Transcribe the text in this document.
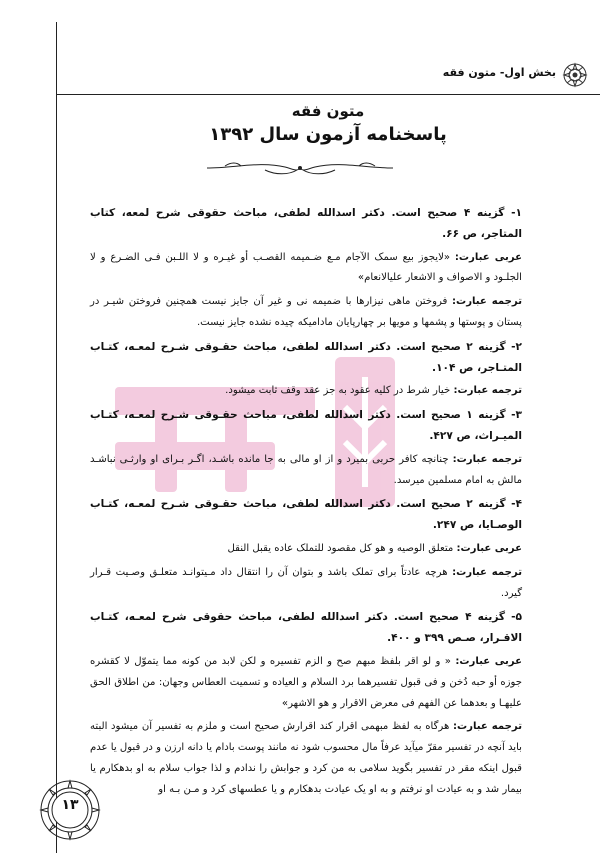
بخش اول- متون فقه
متون فقه
پاسخنامه آزمون سال ۱۳۹۲

۱- گزینه ۴ صحیح است. دکتر اسدالله لطفی، مباحث حقوقی شرح لمعه، کتاب المتاجر، ص ۶۶.

عربی عبارت: «لایجوز بیع سمک الآجام مـع ضـمیمه القصـب أو غیـره و لا اللـبن فـی الضـرع و لا الجلـود و الاصواف و الاشعار علیالانعام»

ترجمه عبارت: فروختن ماهی نیزارها با ضمیمه نی و غیر آن جایز نیست همچنین فروختن شیـر در پستان و پوستها و پشمها و مویها بر چهارپایان مادامیکه چیده نشده جایز نیست.

۲- گزینه ۲ صحیح است. دکتر اسدالله لطفی، مباحث حقـوقی شـرح لمعـه، کتـاب المتـاجر، ص ۱۰۴.

ترجمه عبارت: خیار شرط در کلیه عقود به جز عقد وقف ثابت میشود.

۳- گزینه ۱ صحیح است. دکتر اسدالله لطفی، مباحث حقـوقی شـرح لمعـه، کتـاب المیـراث، ص ۴۲۷.

ترجمه عبارت: چنانچه کافر حربی بمیرد و از او مالی به جا مانده باشـد، اگـر بـرای او وارثـی نباشـد مالش به امام مسلمین میرسد.

۴- گزینه ۲ صحیح است. دکتر اسدالله لطفی، مباحث حقـوقی شـرح لمعـه، کتـاب الوصـایا، ص ۲۴۷.

عربی عبارت: متعلق الوصیه و هو کل مقصود للتملک عاده یقبل النقل

ترجمه عبارت: هرچه عادتاً برای تملک باشد و بتوان آن را انتقال داد مـیتوانـد متعلـق وصـیت قـرار گیرد.

۵- گزینه ۴ صحیح است. دکتر اسدالله لطفی، مباحث حقوقی شرح لمعـه، کتـاب الاقـرار، صـص ۳۹۹ و ۴۰۰.

عربی عبارت: « و لو اقر بلفظ مبهم صح و الزم تفسیره و لکن لابد من کونه مما یتموّل لا کقشره جوزه أو حبه دُخن و فی قبول تفسیرهما برد السلام و العیاده و تسمیت العطاس وجهان: من اطلاق الحق علیهـا و بعدهما عن الفهم فی معرض الاقرار و هو الاشهر»

ترجمه عبارت: هرگاه به لفظ مبهمی اقرار کند اقرارش صحیح است و ملزم به تفسیر آن میشود البته باید آنچه در تفسیر مقرّ میآید عرفاً مال محسوب شود نه مانند پوست بادام یا دانه ارزن و در قبول یا عدم قبول اینکه مقر در تفسیر بگوید سلامی به من کرد و جوابش را ندادم و لذا جواب سلام به او بدهکارم یا بیمار شد و به عیادت او نرفتم و به او یک عیادت بدهکارم و یا عطسهای کرد و مـن بـه او

۱۳
